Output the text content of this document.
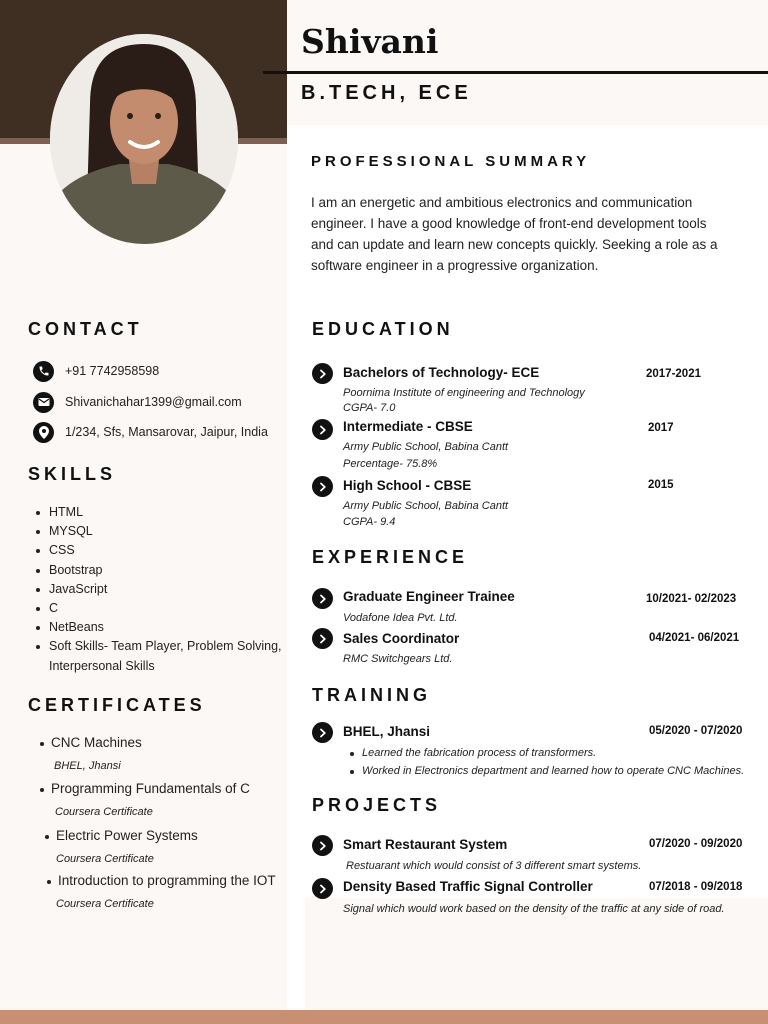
Shivani
B.TECH, ECE
PROFESSIONAL SUMMARY
I am an energetic and ambitious electronics and communication engineer. I have a good knowledge of front-end development tools and can update and learn new concepts quickly. Seeking a role as a software engineer in a progressive organization.
CONTACT
+91 7742958598
Shivanichahar1399@gmail.com
1/234, Sfs, Mansarovar, Jaipur, India
SKILLS
HTML
MYSQL
CSS
Bootstrap
JavaScript
C
NetBeans
Soft Skills- Team Player, Problem Solving, Interpersonal Skills
CERTIFICATES
CNC Machines
BHEL, Jhansi
Programming Fundamentals of C
Coursera Certificate
Electric Power Systems
Coursera Certificate
Introduction to programming the IOT
Coursera Certificate
EDUCATION
Bachelors of Technology- ECE	2017-2021
Poornima Institute of engineering and Technology
CGPA- 7.0
Intermediate - CBSE	2017
Army Public School, Babina Cantt
Percentage- 75.8%
High School - CBSE	2015
Army Public School, Babina Cantt
CGPA- 9.4
EXPERIENCE
Graduate Engineer Trainee	10/2021- 02/2023
Vodafone Idea Pvt. Ltd.
Sales Coordinator	04/2021- 06/2021
RMC Switchgears Ltd.
TRAINING
BHEL, Jhansi	05/2020 - 07/2020
Learned the fabrication process of transformers.
Worked in Electronics department and learned how to operate CNC Machines.
PROJECTS
Smart Restaurant System	07/2020 - 09/2020
Restuarant which would consist of 3 different smart systems.
Density Based Traffic Signal Controller	07/2018 - 09/2018
Signal which would work based on the density of the traffic at any side of road.
